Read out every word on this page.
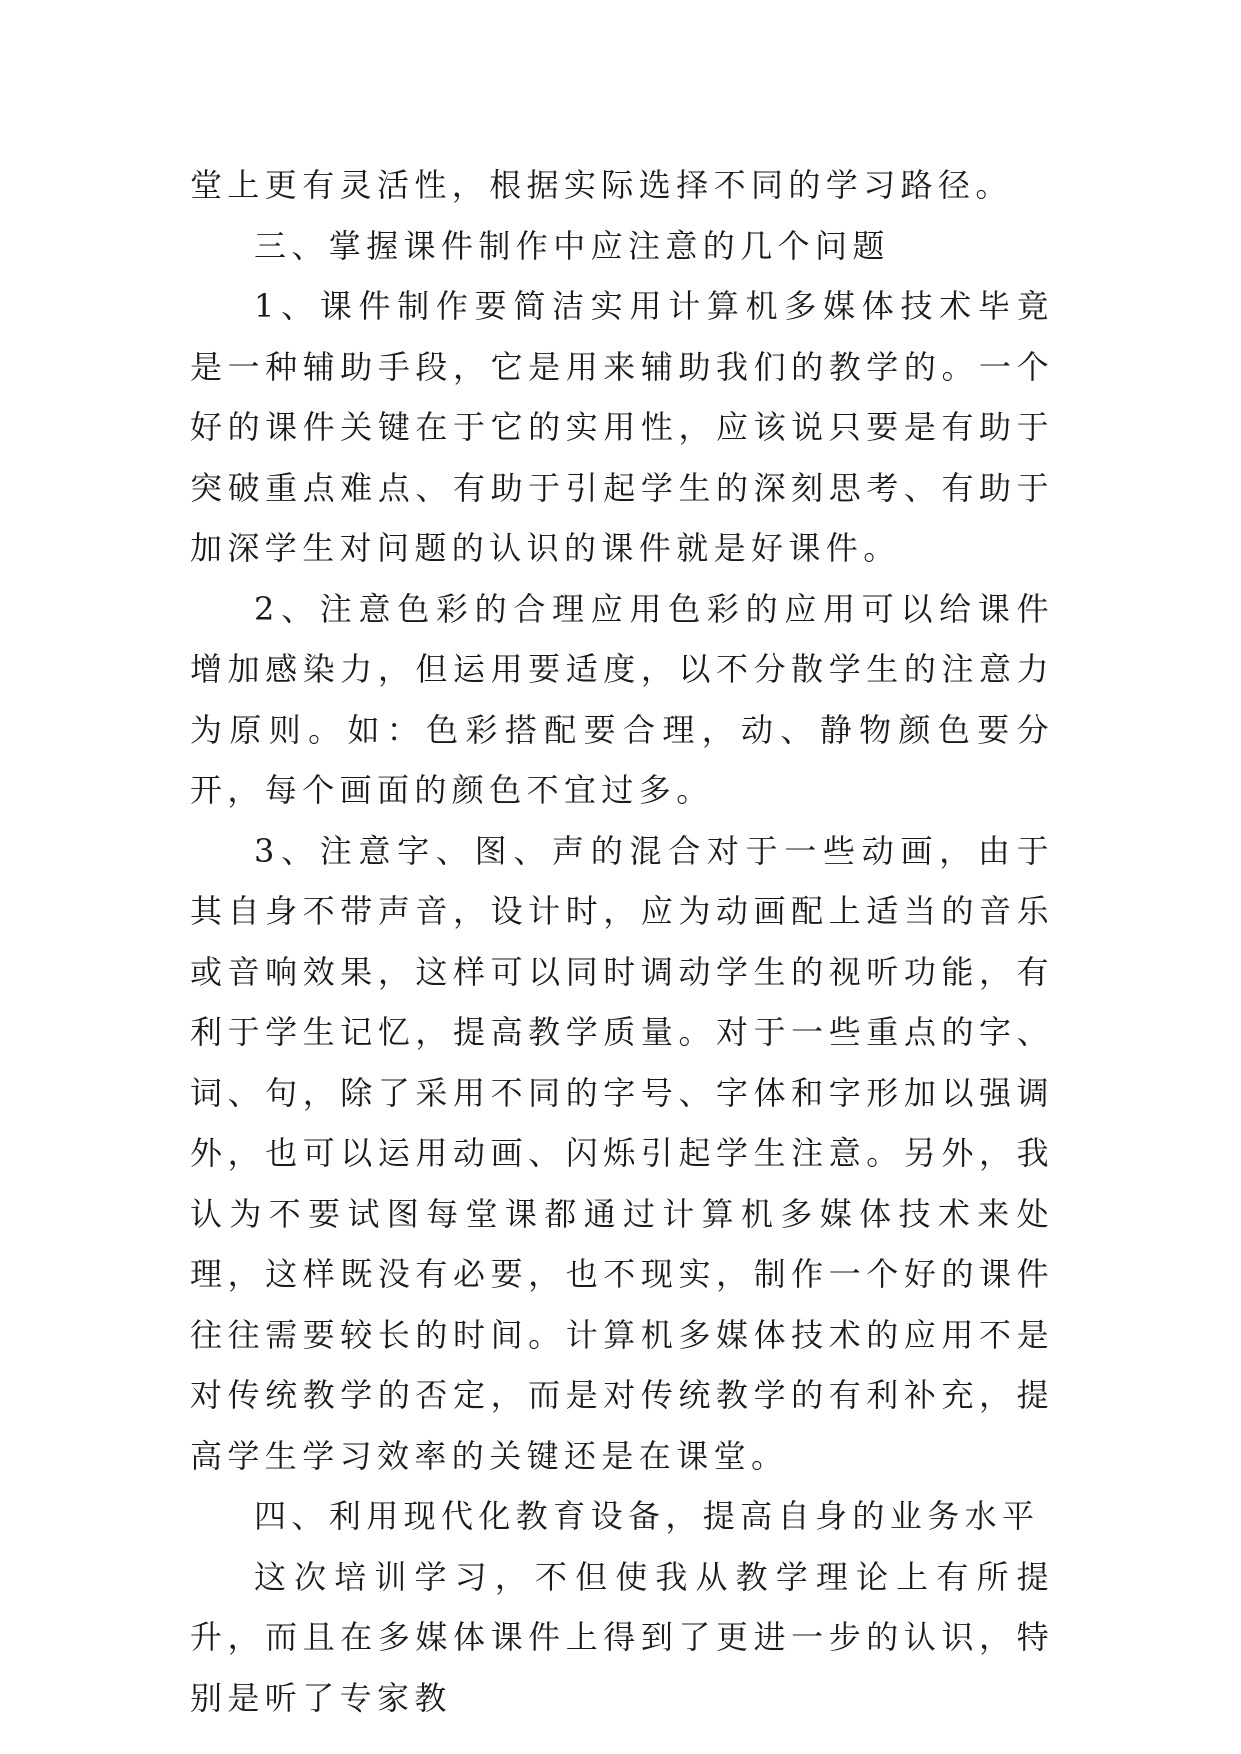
堂上更有灵活性，根据实际选择不同的学习路径。

三、掌握课件制作中应注意的几个问题

1、课件制作要简洁实用计算机多媒体技术毕竟是一种辅助手段，它是用来辅助我们的教学的。一个好的课件关键在于它的实用性，应该说只要是有助于突破重点难点、有助于引起学生的深刻思考、有助于加深学生对问题的认识的课件就是好课件。

2、注意色彩的合理应用色彩的应用可以给课件增加感染力，但运用要适度，以不分散学生的注意力为原则。如：色彩搭配要合理，动、静物颜色要分开，每个画面的颜色不宜过多。

3、注意字、图、声的混合对于一些动画，由于其自身不带声音，设计时，应为动画配上适当的音乐或音响效果，这样可以同时调动学生的视听功能，有利于学生记忆，提高教学质量。对于一些重点的字、词、句，除了采用不同的字号、字体和字形加以强调外，也可以运用动画、闪烁引起学生注意。另外，我认为不要试图每堂课都通过计算机多媒体技术来处理，这样既没有必要，也不现实，制作一个好的课件往往需要较长的时间。计算机多媒体技术的应用不是对传统教学的否定，而是对传统教学的有利补充，提高学生学习效率的关键还是在课堂。

四、利用现代化教育设备，提高自身的业务水平

这次培训学习，不但使我从教学理论上有所提升，而且在多媒体课件上得到了更进一步的认识，特别是听了专家教
